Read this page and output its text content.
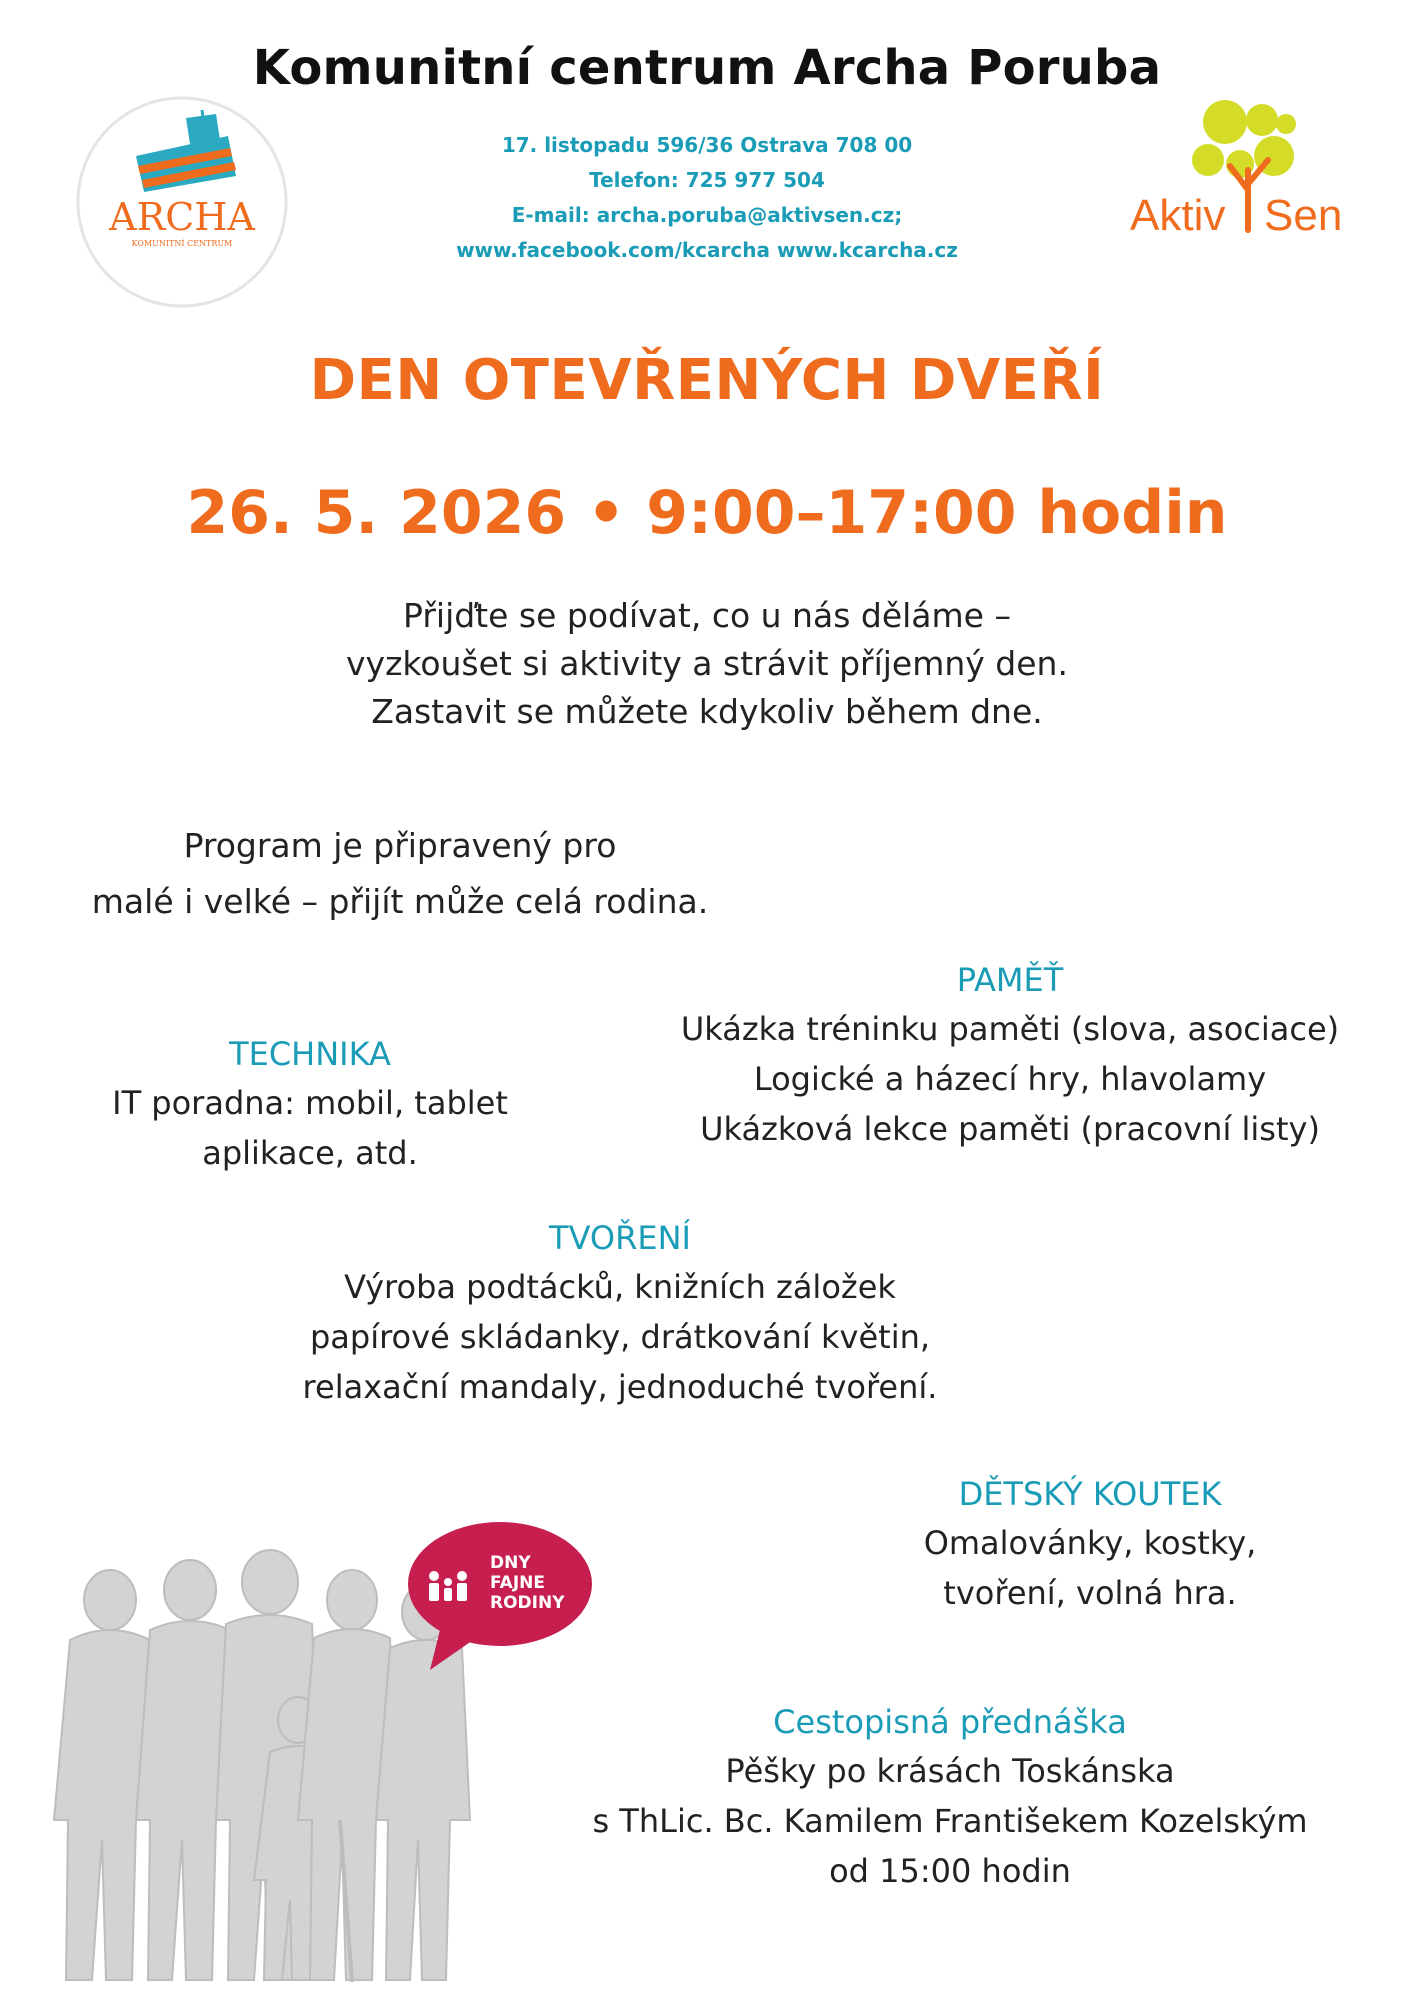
Komunitní centrum Archa Poruba
ARCHA
KOMUNITNÍ CENTRUM
17. listopadu 596/36 Ostrava 708 00
Telefon: 725 977 504
E-mail: archa.poruba@aktivsen.cz;
www.facebook.com/kcarcha www.kcarcha.cz
Aktiv Sen
DEN OTEVŘENÝCH DVEŘÍ
26. 5. 2026 • 9:00–17:00 hodin
Přijďte se podívat, co u nás děláme –
vyzkoušet si aktivity a strávit příjemný den.
Zastavit se můžete kdykoliv během dne.
Program je připravený pro
malé i velké – přijít může celá rodina.
PAMĚŤ
Ukázka tréninku paměti (slova, asociace)
Logické a házecí hry, hlavolamy
Ukázková lekce paměti (pracovní listy)
TECHNIKA
IT poradna: mobil, tablet
aplikace, atd.
TVOŘENÍ
Výroba podtácků, knižních záložek
papírové skládanky, drátkování květin,
relaxační mandaly, jednoduché tvoření.
DĚTSKÝ KOUTEK
Omalovánky, kostky,
tvoření, volná hra.
Cestopisná přednáška
Pěšky po krásách Toskánska
s ThLic. Bc. Kamilem Františekem Kozelským
od 15:00 hodin
DNY
FAJNE
RODINY
